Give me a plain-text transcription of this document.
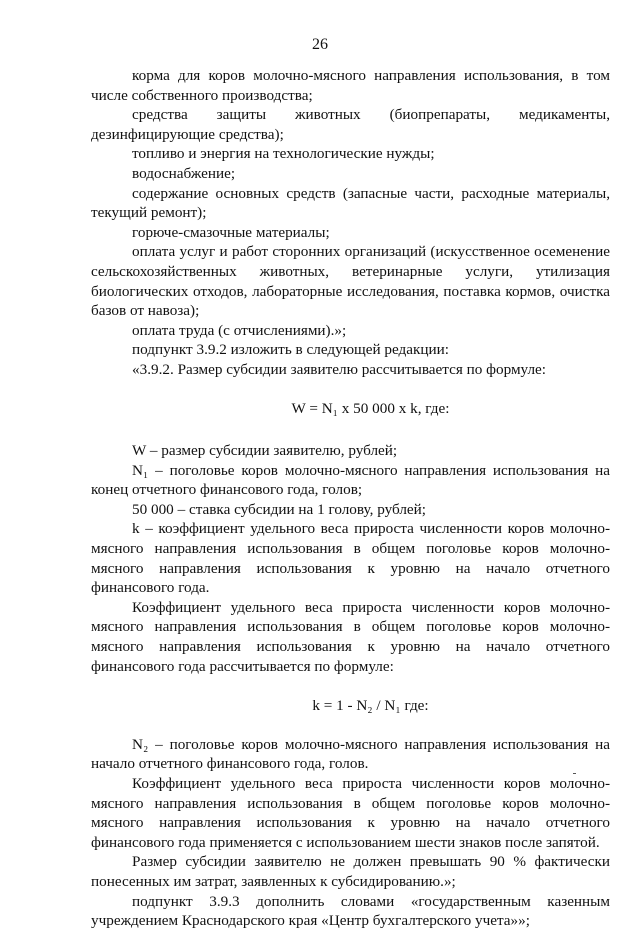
26

корма для коров молочно-мясного направления использования, в том числе собственного производства;

средства защиты животных (биопрепараты, медикаменты, дезинфицирующие средства);

топливо и энергия на технологические нужды;

водоснабжение;

содержание основных средств (запасные части, расходные материалы, текущий ремонт);

горюче-смазочные материалы;

оплата услуг и работ сторонних организаций (искусственное осеменение сельскохозяйственных животных, ветеринарные услуги, утилизация биологических отходов, лабораторные исследования, поставка кормов, очистка базов от навоза);

оплата труда (с отчислениями).»;

подпункт 3.9.2 изложить в следующей редакции:

«3.9.2. Размер субсидии заявителю рассчитывается по формуле:

W = N₁ x 50 000 x k, где:

W – размер субсидии заявителю, рублей;

N₁ – поголовье коров молочно-мясного направления использования на конец отчетного финансового года, голов;

50 000 – ставка субсидии на 1 голову, рублей;

k – коэффициент удельного веса прироста численности коров молочно-мясного направления использования в общем поголовье коров молочно-мясного направления использования к уровню на начало отчетного финансового года.

Коэффициент удельного веса прироста численности коров молочно-мясного направления использования в общем поголовье коров молочно-мясного направления использования к уровню на начало отчетного финансового года рассчитывается по формуле:

k = 1 - N₂ / N₁ где:

N₂ – поголовье коров молочно-мясного направления использования на начало отчетного финансового года, голов.

Коэффициент удельного веса прироста численности коров молочно-мясного направления использования в общем поголовье коров молочно-мясного направления использования к уровню на начало отчетного финансового года применяется с использованием шести знаков после запятой.

Размер субсидии заявителю не должен превышать 90 % фактически понесенных им затрат, заявленных к субсидированию.»;

подпункт 3.9.3 дополнить словами «государственным казенным учреждением Краснодарского края «Центр бухгалтерского учета»»;
